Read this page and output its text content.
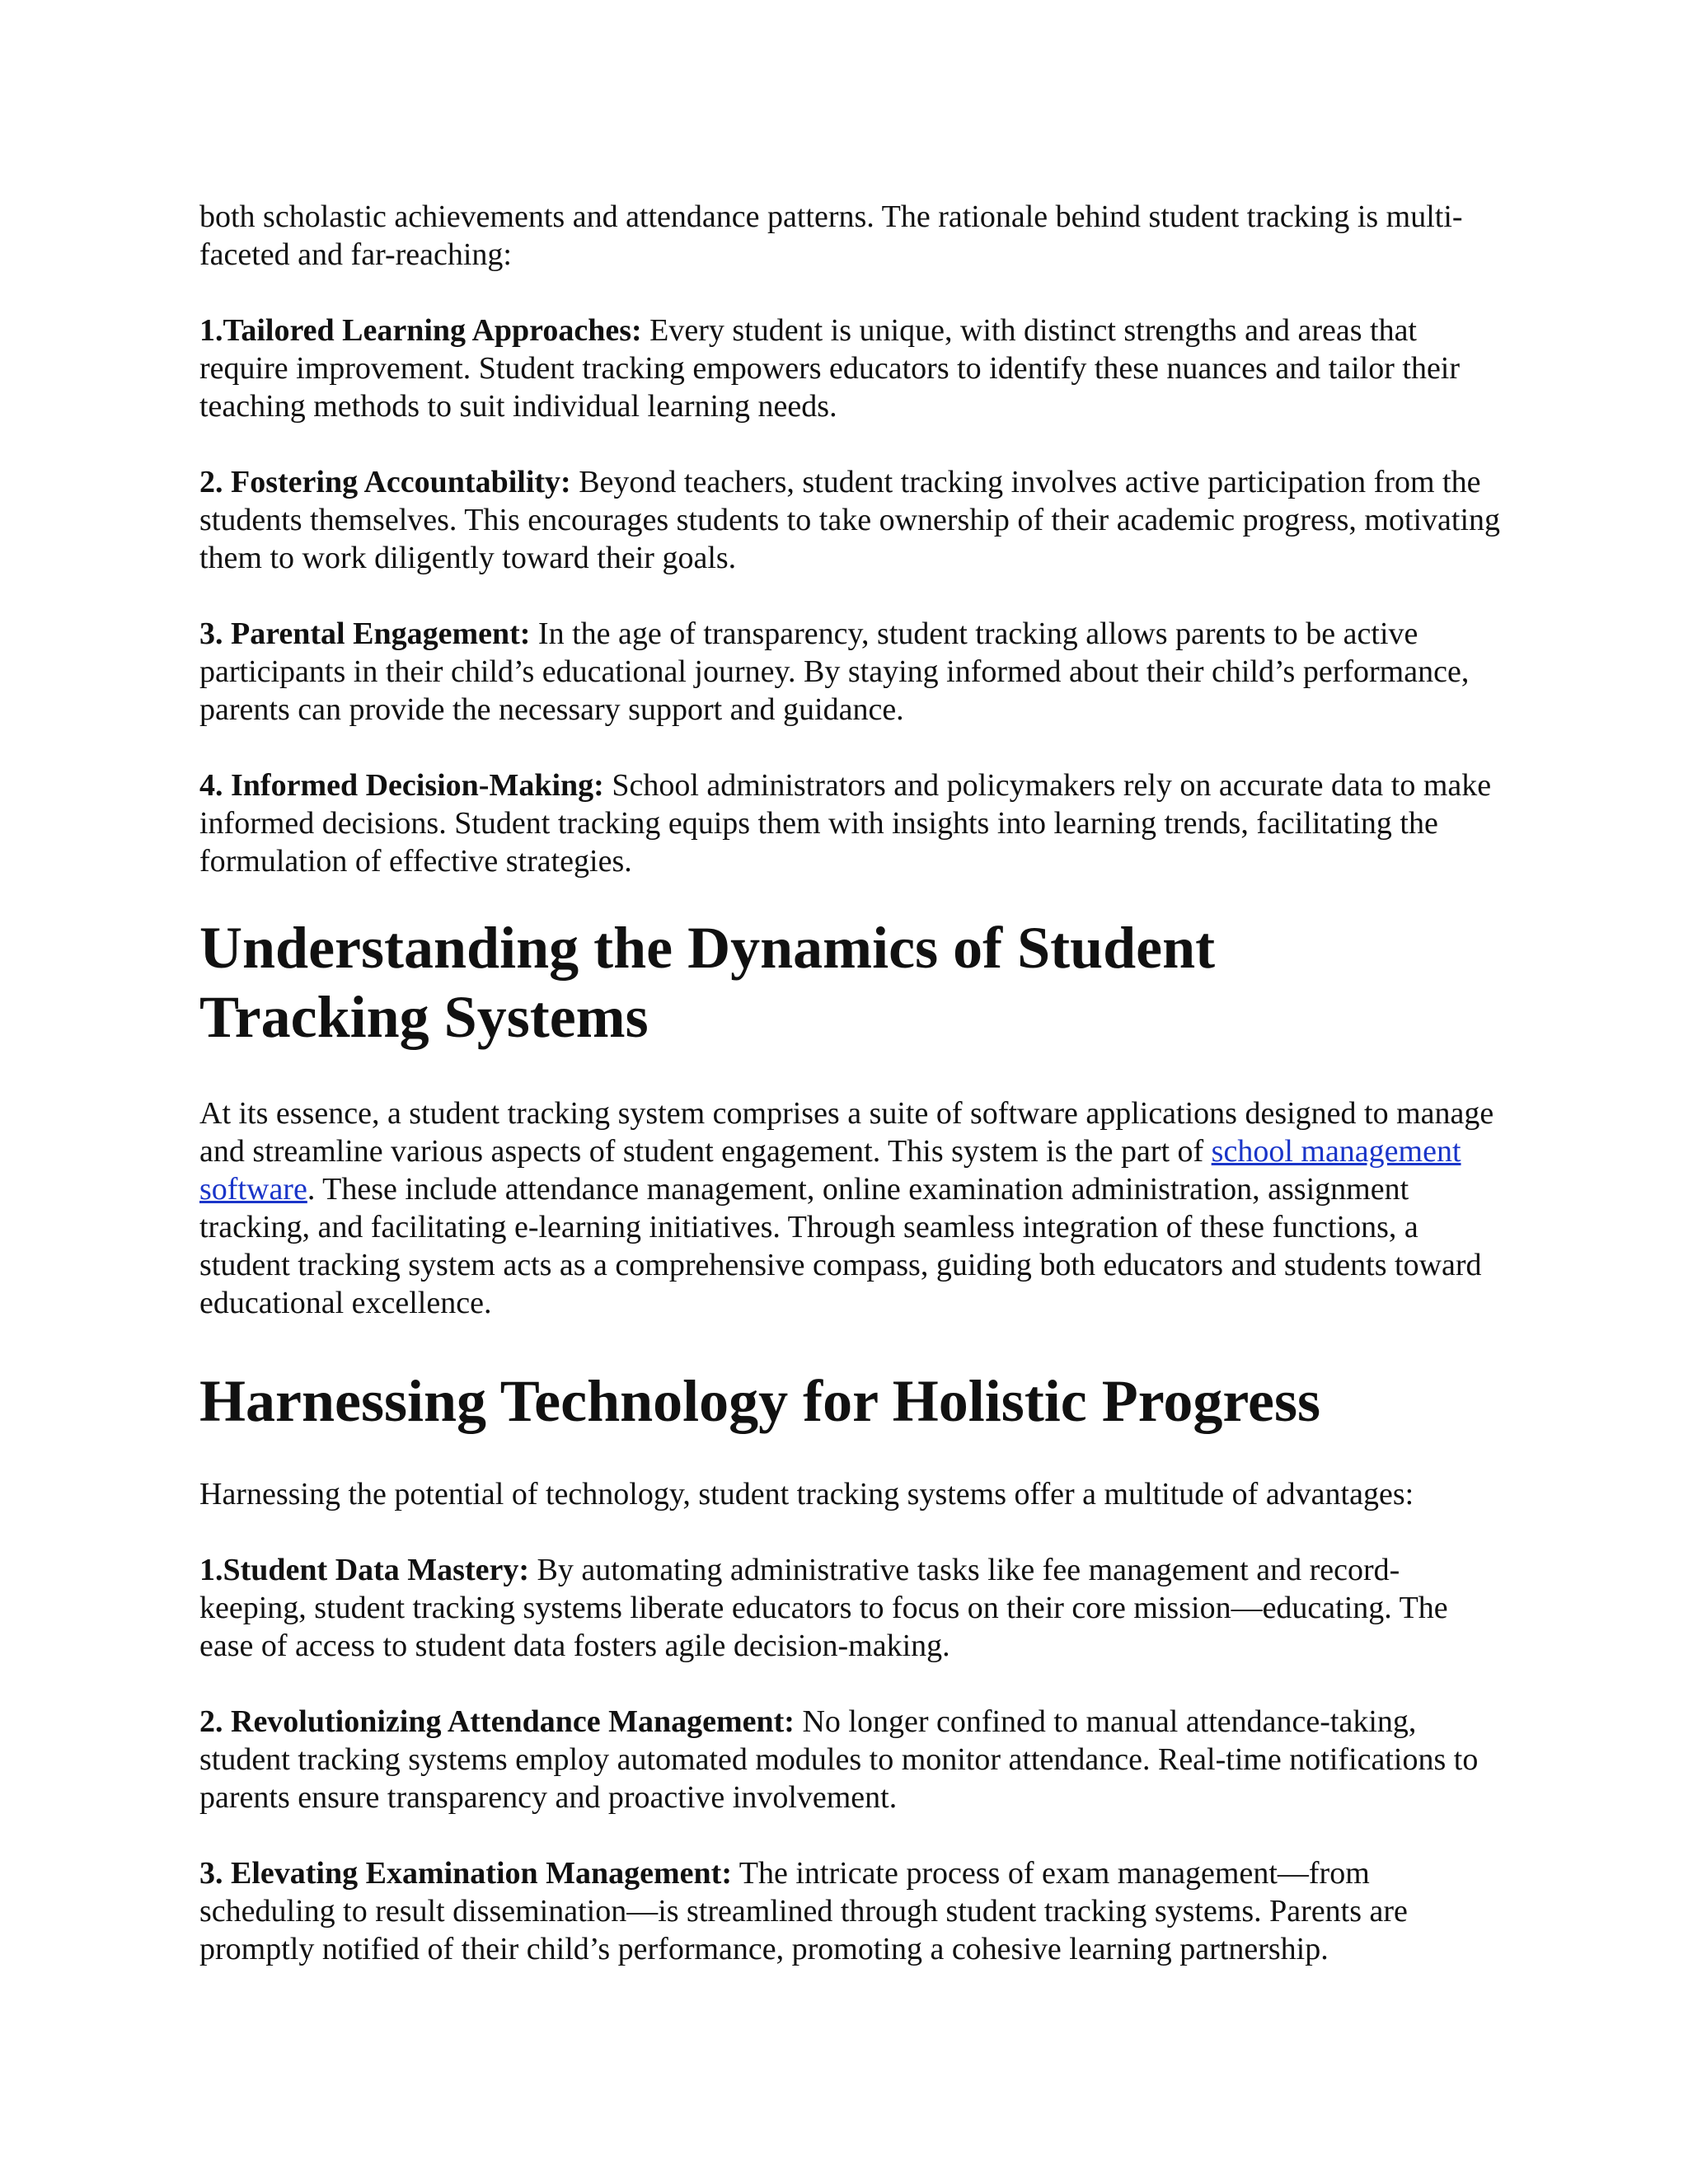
both scholastic achievements and attendance patterns. The rationale behind student tracking is multi-faceted and far-reaching:

1.Tailored Learning Approaches: Every student is unique, with distinct strengths and areas that require improvement. Student tracking empowers educators to identify these nuances and tailor their teaching methods to suit individual learning needs.

2. Fostering Accountability: Beyond teachers, student tracking involves active participation from the students themselves. This encourages students to take ownership of their academic progress, motivating them to work diligently toward their goals.

3. Parental Engagement: In the age of transparency, student tracking allows parents to be active participants in their child’s educational journey. By staying informed about their child’s performance, parents can provide the necessary support and guidance.

4. Informed Decision-Making: School administrators and policymakers rely on accurate data to make informed decisions. Student tracking equips them with insights into learning trends, facilitating the formulation of effective strategies.

Understanding the Dynamics of Student
Tracking Systems

At its essence, a student tracking system comprises a suite of software applications designed to manage and streamline various aspects of student engagement. This system is the part of school management software. These include attendance management, online examination administration, assignment tracking, and facilitating e-learning initiatives. Through seamless integration of these functions, a student tracking system acts as a comprehensive compass, guiding both educators and students toward educational excellence.

Harnessing Technology for Holistic Progress

Harnessing the potential of technology, student tracking systems offer a multitude of advantages:

1.Student Data Mastery: By automating administrative tasks like fee management and record-keeping, student tracking systems liberate educators to focus on their core mission—educating. The ease of access to student data fosters agile decision-making.

2. Revolutionizing Attendance Management: No longer confined to manual attendance-taking, student tracking systems employ automated modules to monitor attendance. Real-time notifications to parents ensure transparency and proactive involvement.

3. Elevating Examination Management: The intricate process of exam management—from scheduling to result dissemination—is streamlined through student tracking systems. Parents are promptly notified of their child’s performance, promoting a cohesive learning partnership.
